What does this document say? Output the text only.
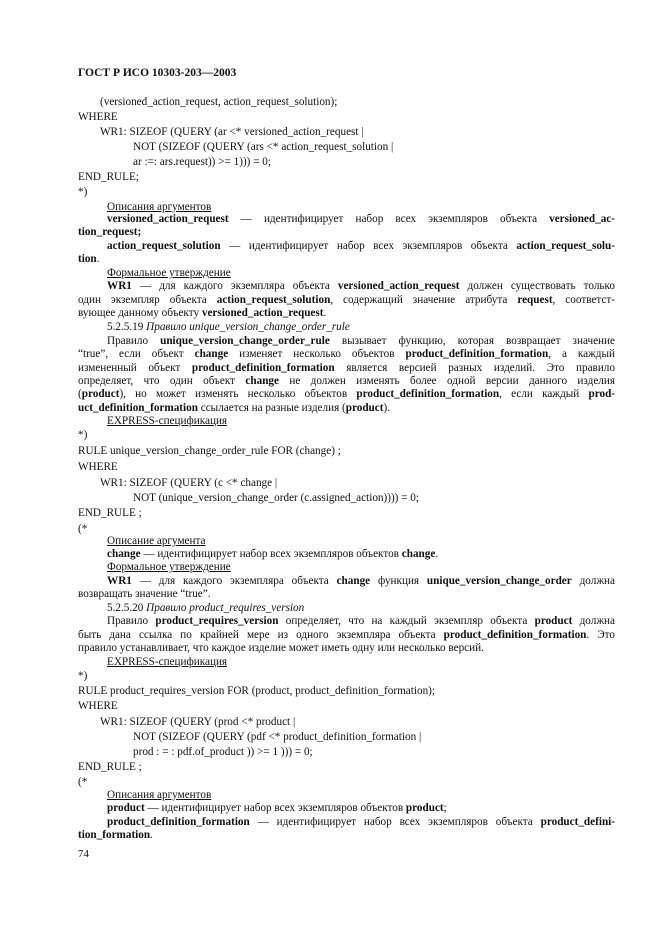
ГОСТ Р ИСО 10303-203—2003
(versioned_action_request, action_request_solution);
WHERE
WR1: SIZEOF (QUERY (ar <* versioned_action_request |
NOT (SIZEOF (QUERY (ars <* action_request_solution |
ar :=: ars.request)) >= 1))) = 0;
END_RULE;
*)
Описания аргументов
versioned_action_request — идентифицирует набор всех экземпляров объекта versioned_ac-
tion_request;
action_request_solution — идентифицирует набор всех экземпляров объекта action_request_solu-
tion.
Формальное утверждение
WR1 — для каждого экземпляра объекта versioned_action_request должен существовать только
один экземпляр объекта action_request_solution, содержащий значение атрибута request, соответст-
вующее данному объекту versioned_action_request.
5.2.5.19 Правило unique_version_change_order_rule
Правило unique_version_change_order_rule вызывает функцию, которая возвращает значение
“true”, если объект change изменяет несколько объектов product_definition_formation, а каждый
измененный объект product_definition_formation является версией разных изделий. Это правило
определяет, что один объект change не должен изменять более одной версии данного изделия
(product), но может изменять несколько объектов product_definition_formation, если каждый prod-
uct_definition_formation ссылается на разные изделия (product).
EXPRESS-спецификация
*)
RULE unique_version_change_order_rule FOR (change) ;
WHERE
WR1: SIZEOF (QUERY (c <* change |
NOT (unique_version_change_order (c.assigned_action)))) = 0;
END_RULE ;
(*
Описание аргумента
change — идентифицирует набор всех экземпляров объектов change.
Формальное утверждение
WR1 — для каждого экземпляра объекта change функция unique_version_change_order должна
возвращать значение “true”.
5.2.5.20 Правило product_requires_version
Правило product_requires_version определяет, что на каждый экземпляр объекта product должна
быть дана ссылка по крайней мере из одного экземпляра объекта product_definition_formation. Это
правило устанавливает, что каждое изделие может иметь одну или несколько версий.
EXPRESS-спецификация
*)
RULE product_requires_version FOR (product, product_definition_formation);
WHERE
WR1: SIZEOF (QUERY (prod <* product |
NOT (SIZEOF (QUERY (pdf <* product_definition_formation |
prod : = : pdf.of_product )) >= 1 ))) = 0;
END_RULE ;
(*
Описания аргументов
product — идентифицирует набор всех экземпляров объектов product;
product_definition_formation — идентифицирует набор всех экземпляров объекта product_defini-
tion_formation.
74
